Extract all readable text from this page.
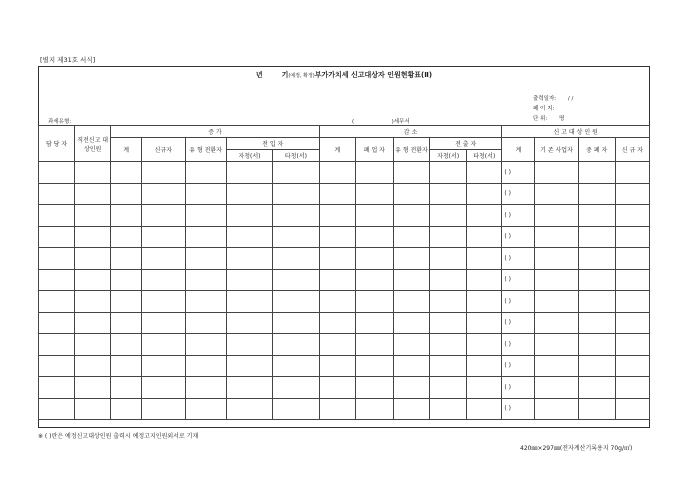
[별지 제31호 서식]
년	기(예정, 확정)부가가치세 신고대상자 인원현황표(Ⅱ)
출력일자: / /
페 이 지:
단 위: 명
과세유형:	(	)세무서
담 당 자	직전신고 대상인원	증 가					감 소					신 고 대 상 인 원			
		계	신규자	유 형 전환자	전 입 자		계	폐 업 자	유 형 전환자	전 출 자		계	기 존 사업자	중 폐 자	신 규 자
					자청(서)	타청(서)				자청(서)	타청(서)				
												( )			
												( )			
												( )			
												( )			
												( )			
												( )			
												( )			
												( )			
												( )			
												( )			
												( )			
												( )			
※ ( )란은 예정신고대상인원 출력시 예정고지인원외서로 기재
420㎜×297㎜(전자계산기록용지 70g/㎡)
